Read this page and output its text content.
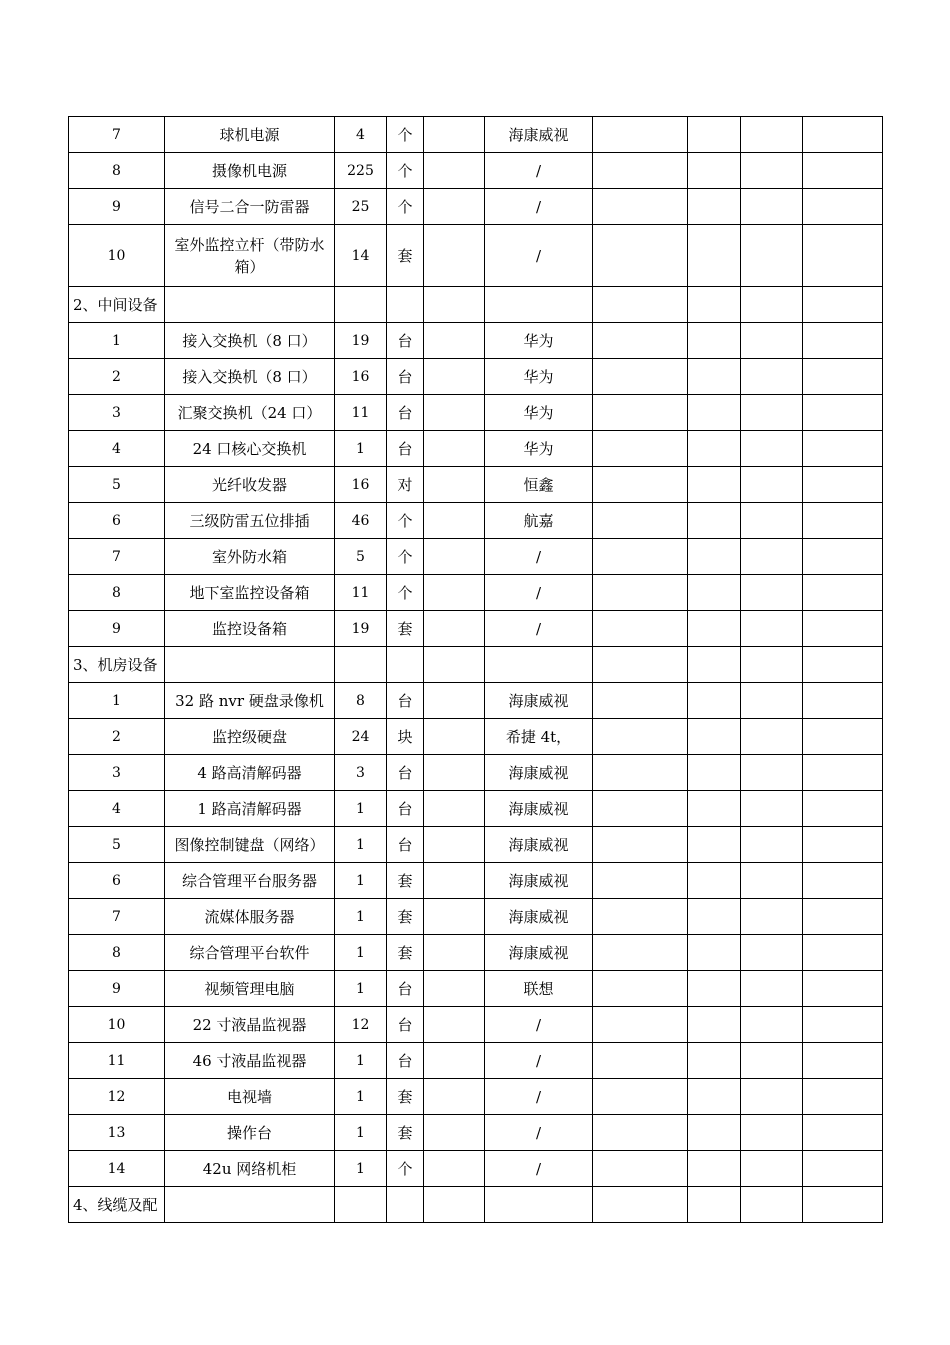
7	球机电源	4	个		海康威视				
8	摄像机电源	225	个		/				
9	信号二合一防雷器	25	个		/				
10	室外监控立杆（带防水箱）	14	套		/				
2、中间设备									
1	接入交换机（8 口）	19	台		华为				
2	接入交换机（8 口）	16	台		华为				
3	汇聚交换机（24 口）	11	台		华为				
4	24 口核心交换机	1	台		华为				
5	光纤收发器	16	对		恒鑫				
6	三级防雷五位排插	46	个		航嘉				
7	室外防水箱	5	个		/				
8	地下室监控设备箱	11	个		/				
9	监控设备箱	19	套		/				
3、机房设备									
1	32 路 nvr 硬盘录像机	8	台		海康威视				
2	监控级硬盘	24	块		希捷 4t，				
3	4 路高清解码器	3	台		海康威视				
4	1 路高清解码器	1	台		海康威视				
5	图像控制键盘（网络）	1	台		海康威视				
6	综合管理平台服务器	1	套		海康威视				
7	流媒体服务器	1	套		海康威视				
8	综合管理平台软件	1	套		海康威视				
9	视频管理电脑	1	台		联想				
10	22 寸液晶监视器	12	台		/				
11	46 寸液晶监视器	1	台		/				
12	电视墙	1	套		/				
13	操作台	1	套		/				
14	42u 网络机柜	1	个		/				
4、线缆及配									
